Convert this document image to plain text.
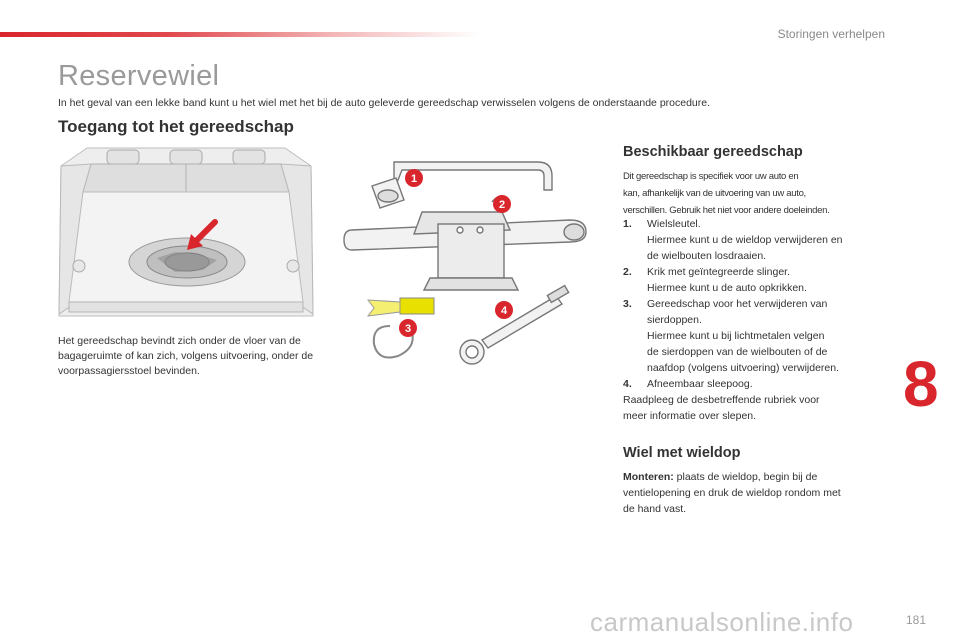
Storingen verhelpen
Reservewiel

In het geval van een lekke band kunt u het wiel met het bij de auto geleverde gereedschap verwisselen volgens de onderstaande procedure.

Toegang tot het gereedschap

Het gereedschap bevindt zich onder de vloer van de bagageruimte of kan zich, volgens uitvoering, onder de voorpassagiersstoel bevinden.

1
2
3
4
Beschikbaar gereedschap
Dit gereedschap is specifiek voor uw auto en
kan, afhankelijk van de uitvoering van uw auto,
verschillen. Gebruik het niet voor andere doeleinden.
1. Wielsleutel.
Hiermee kunt u de wieldop verwijderen en
de wielbouten losdraaien.
2. Krik met geïntegreerde slinger.
Hiermee kunt u de auto opkrikken.
3. Gereedschap voor het verwijderen van
sierdoppen.
Hiermee kunt u bij lichtmetalen velgen
de sierdoppen van de wielbouten of de
naafdop (volgens uitvoering) verwijderen.
4. Afneembaar sleepoog.
Raadpleeg de desbetreffende rubriek voor
meer informatie over slepen.
Wiel met wieldop
Monteren: plaats de wieldop, begin bij de
ventielopening en druk de wieldop rondom met
de hand vast.
8
carmanualsonline.info	181
